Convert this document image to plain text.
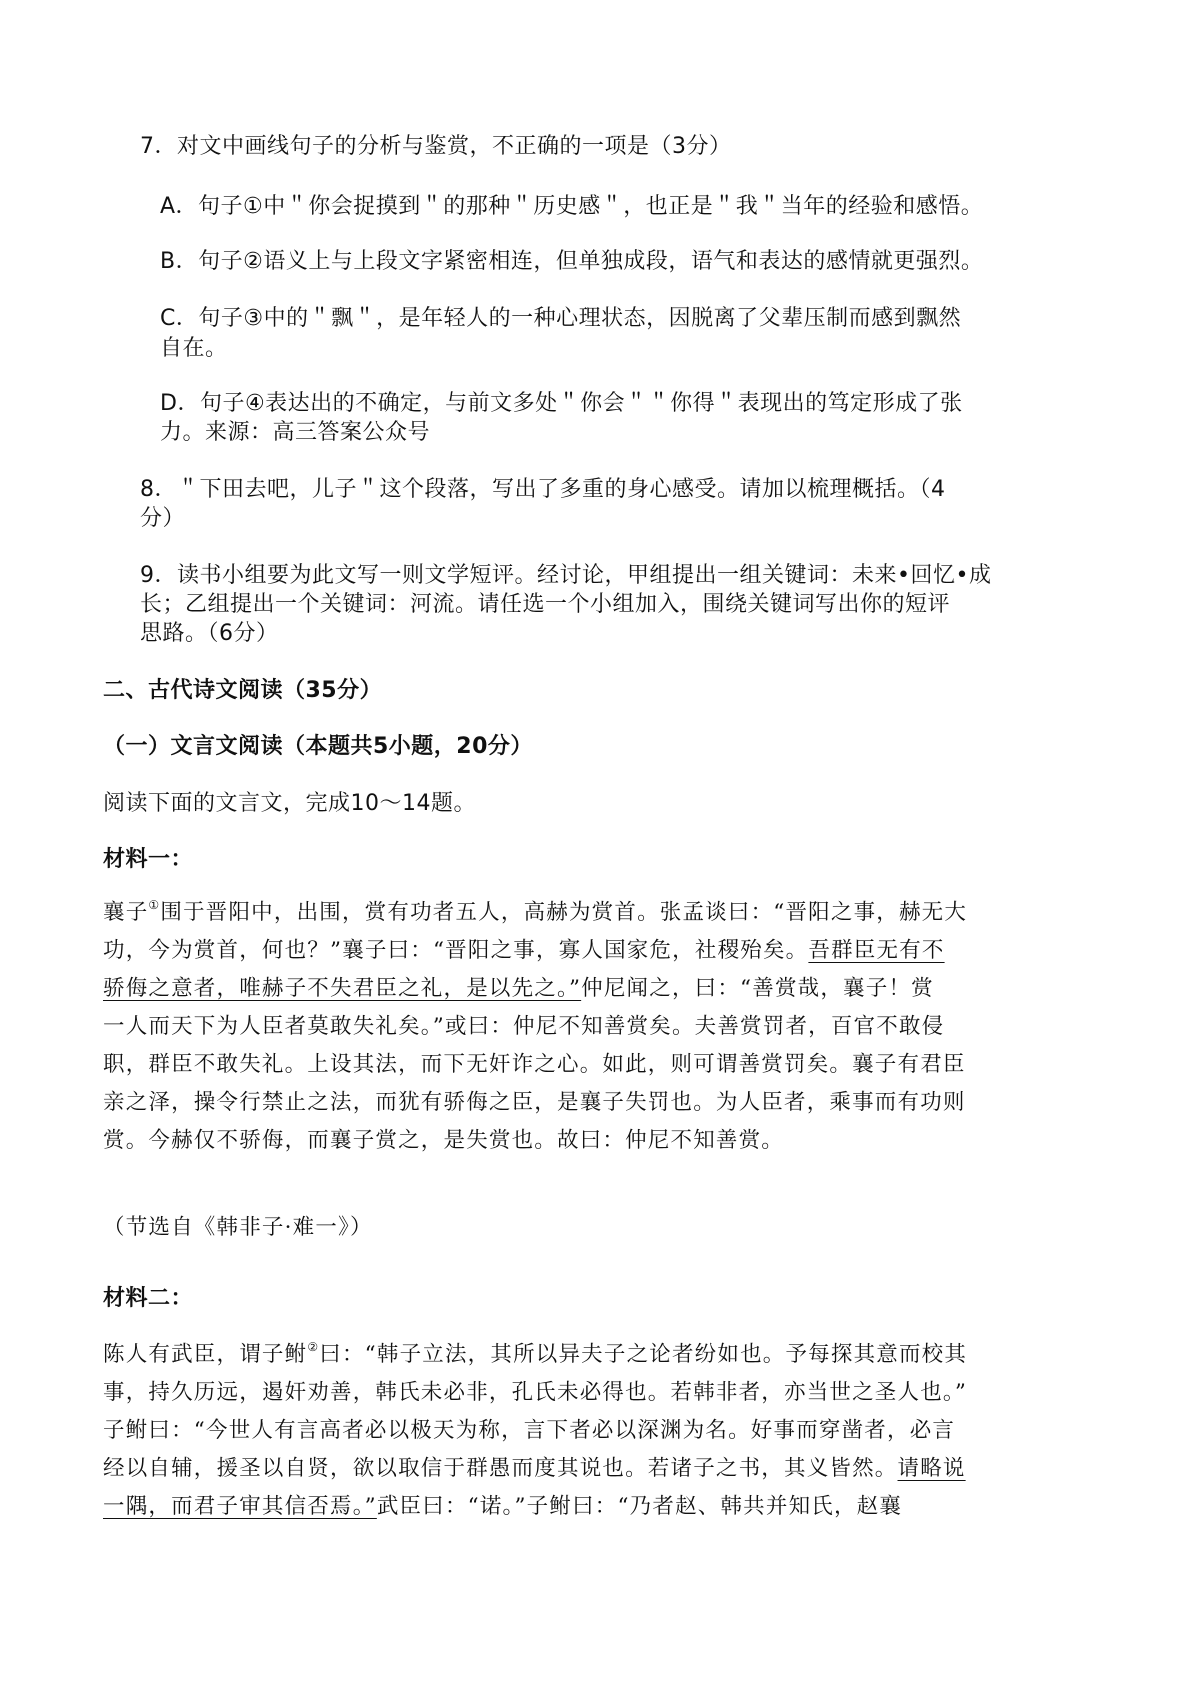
7．对文中画线句子的分析与鉴赏，不正确的一项是（3分）
A．句子①中＂你会捉摸到＂的那种＂历史感＂，也正是＂我＂当年的经验和感悟。
B．句子②语义上与上段文字紧密相连，但单独成段，语气和表达的感情就更强烈。
C．句子③中的＂飘＂，是年轻人的一种心理状态，因脱离了父辈压制而感到飘然
自在。
D．句子④表达出的不确定，与前文多处＂你会＂＂你得＂表现出的笃定形成了张
力。来源：高三答案公众号
8．＂下田去吧，儿子＂这个段落，写出了多重的身心感受。请加以梳理概括。（4
分）
9．读书小组要为此文写一则文学短评。经讨论，甲组提出一组关键词：未来•回忆•成
长；乙组提出一个关键词：河流。请任选一个小组加入，围绕关键词写出你的短评
思路。（6分）
二、古代诗文阅读（35分）
（一）文言文阅读（本题共5小题，20分）
阅读下面的文言文，完成10～14题。
材料一：
襄子①围于晋阳中，出围，赏有功者五人，高赫为赏首。张孟谈曰：“晋阳之事，赫无大
功，今为赏首，何也？”襄子曰：“晋阳之事，寡人国家危，社稷殆矣。吾群臣无有不
骄侮之意者，唯赫子不失君臣之礼，是以先之。”仲尼闻之，曰：“善赏哉，襄子！赏
一人而天下为人臣者莫敢失礼矣。”或曰：仲尼不知善赏矣。夫善赏罚者，百官不敢侵
职，群臣不敢失礼。上设其法，而下无奸诈之心。如此，则可谓善赏罚矣。襄子有君臣
亲之泽，操令行禁止之法，而犹有骄侮之臣，是襄子失罚也。为人臣者，乘事而有功则
赏。今赫仅不骄侮，而襄子赏之，是失赏也。故曰：仲尼不知善赏。
（节选自《韩非子·难一》）
材料二：
陈人有武臣，谓子鲋②曰：“韩子立法，其所以异夫子之论者纷如也。予每探其意而校其
事，持久历远，遏奸劝善，韩氏未必非，孔氏未必得也。若韩非者，亦当世之圣人也。”
子鲋曰：“今世人有言高者必以极天为称，言下者必以深渊为名。好事而穿凿者，必言
经以自辅，援圣以自贤，欲以取信于群愚而度其说也。若诸子之书，其义皆然。请略说
一隅，而君子审其信否焉。”武臣曰：“诺。”子鲋曰：“乃者赵、韩共并知氏，赵襄
